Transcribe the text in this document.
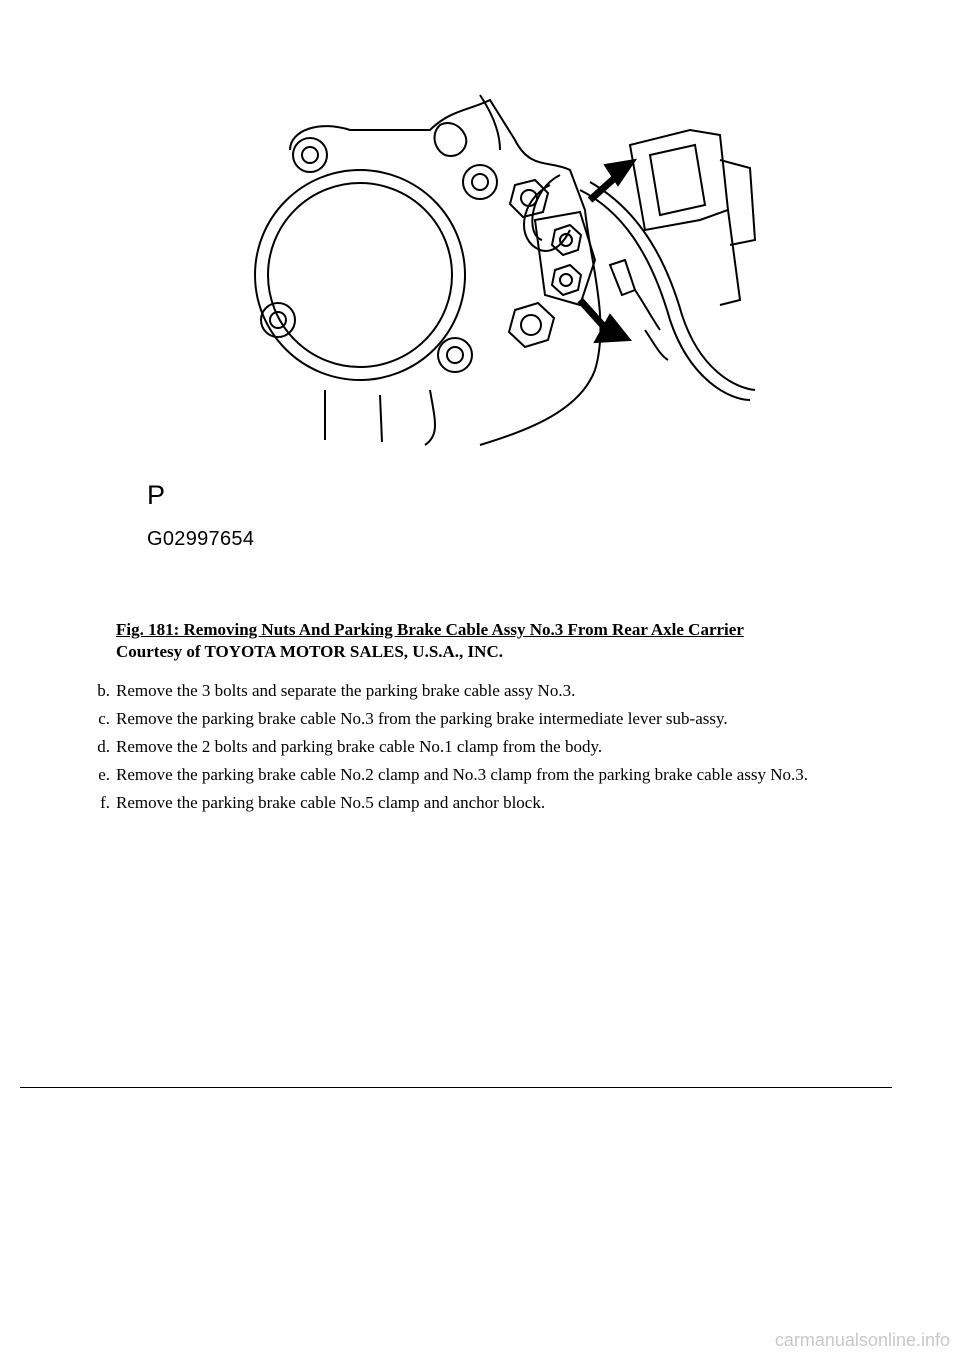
P
G02997654
Fig. 181: Removing Nuts And Parking Brake Cable Assy No.3 From Rear Axle Carrier
Courtesy of TOYOTA MOTOR SALES, U.S.A., INC.
b. Remove the 3 bolts and separate the parking brake cable assy No.3.
c. Remove the parking brake cable No.3 from the parking brake intermediate lever sub-assy.
d. Remove the 2 bolts and parking brake cable No.1 clamp from the body.
e. Remove the parking brake cable No.2 clamp and No.3 clamp from the parking brake cable assy No.3.
f. Remove the parking brake cable No.5 clamp and anchor block.
carmanualsonline.info
